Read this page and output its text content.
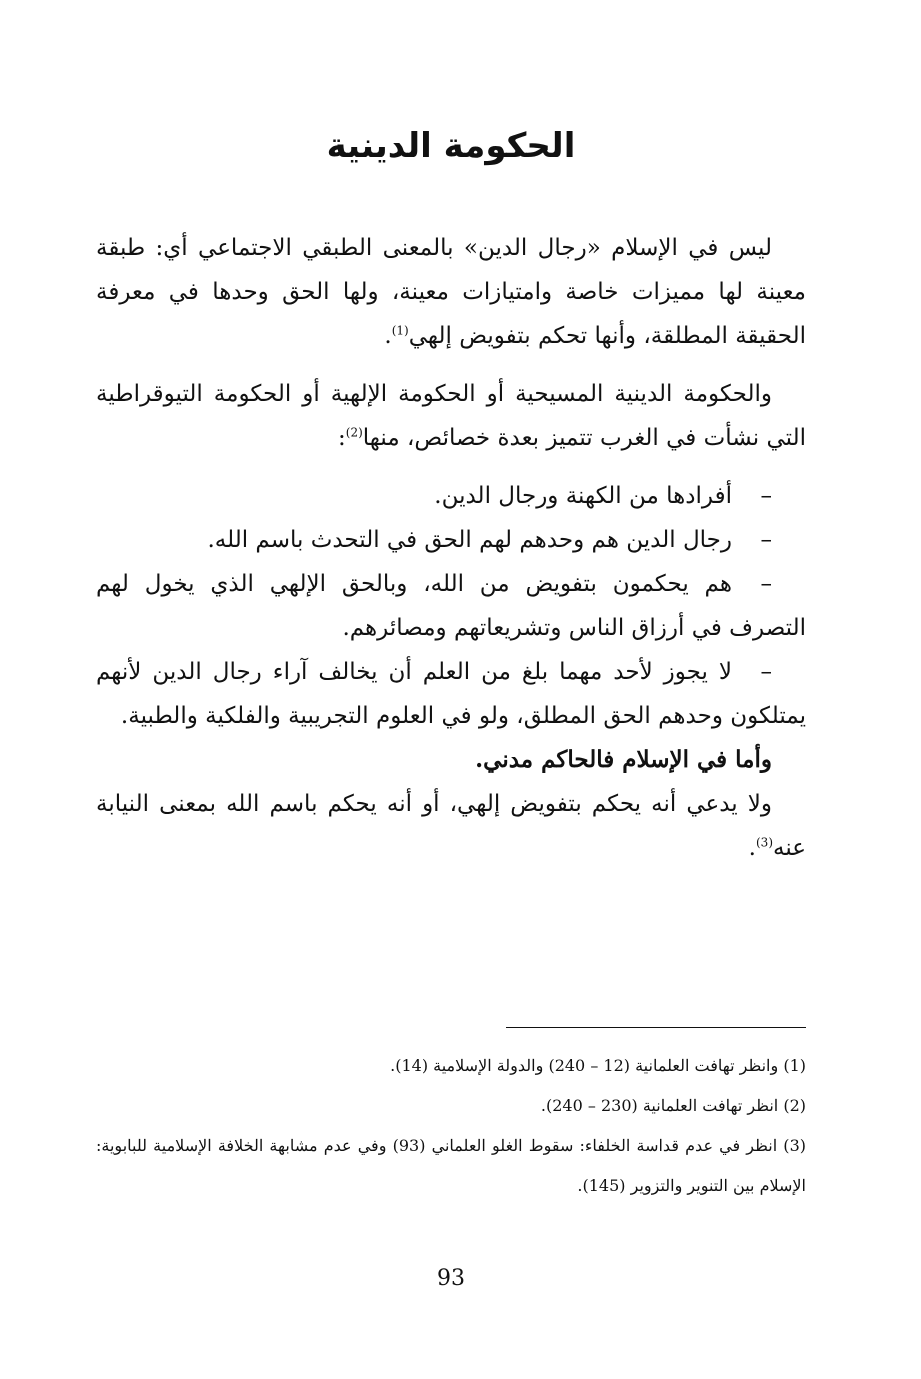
الحكومة الدينية

ليس في الإسلام «رجال الدين» بالمعنى الطبقي الاجتماعي أي: طبقة معينة لها مميزات خاصة وامتيازات معينة، ولها الحق وحدها في معرفة الحقيقة المطلقة، وأنها تحكم بتفويض إلهي$^{(1)}$.

والحكومة الدينية المسيحية أو الحكومة الإلهية أو الحكومة التيوقراطية التي نشأت في الغرب تتميز بعدة خصائص، منها$^{(2)}$:

–أفرادها من الكهنة ورجال الدين.
–رجال الدين هم وحدهم لهم الحق في التحدث باسم الله.
–هم يحكمون بتفويض من الله، وبالحق الإلهي الذي يخول لهم التصرف في أرزاق الناس وتشريعاتهم ومصائرهم.
–لا يجوز لأحد مهما بلغ من العلم أن يخالف آراء رجال الدين لأنهم يمتلكون وحدهم الحق المطلق، ولو في العلوم التجريبية والفلكية والطبية.

وأما في الإسلام فالحاكم مدني.

ولا يدعي أنه يحكم بتفويض إلهي، أو أنه يحكم باسم الله بمعنى النيابة عنه$^{(3)}$.

(1) وانظر تهافت العلمانية (12 – 240) والدولة الإسلامية (14).

(2) انظر تهافت العلمانية (230 – 240).

(3) انظر في عدم قداسة الخلفاء: سقوط الغلو العلماني (93) وفي عدم مشابهة الخلافة الإسلامية للبابوية: الإسلام بين التنوير والتزوير (145).

93
